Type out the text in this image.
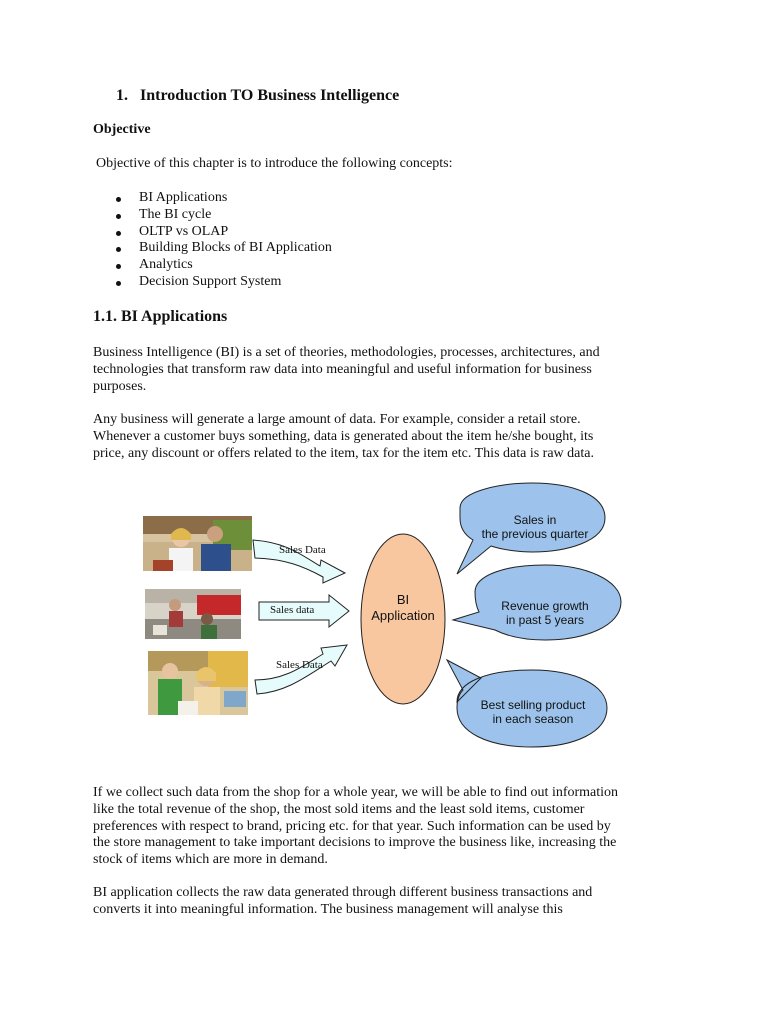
1. Introduction TO Business Intelligence
Objective
Objective of this chapter is to introduce the following concepts:
BI Applications
The BI cycle
OLTP vs OLAP
Building Blocks of BI Application
Analytics
Decision Support System
1.1. BI Applications
Business Intelligence (BI) is a set of theories, methodologies, processes, architectures, and
technologies that transform raw data into meaningful and useful information for business
purposes.
Any business will generate a large amount of data. For example, consider a retail store.
Whenever a customer buys something, data is generated about the item he/she bought, its
price, any discount or offers related to the item, tax for the item etc. This data is raw data.
Sales Data
Sales data
Sales Data
BI
Application
Sales in
the previous quarter
Revenue growth
in past 5 years
Best selling product
in each season
If we collect such data from the shop for a whole year, we will be able to find out information
like the total revenue of the shop, the most sold items and the least sold items, customer
preferences with respect to brand, pricing etc. for that year. Such information can be used by
the store management to take important decisions to improve the business like, increasing the
stock of items which are more in demand.
BI application collects the raw data generated through different business transactions and
converts it into meaningful information. The business management will analyse this
